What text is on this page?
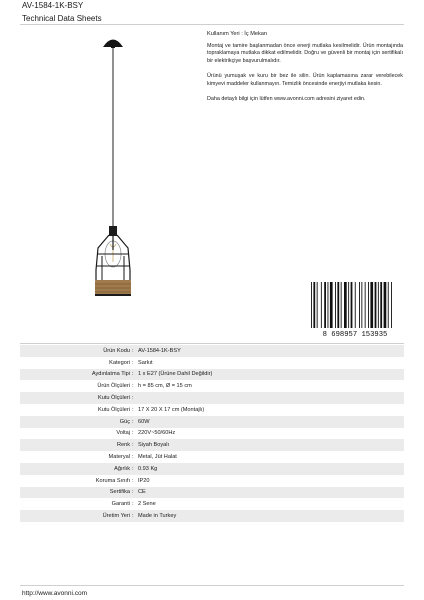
AV-1584-1K-BSY
Technical Data Sheets
Kullanım Yeri : İç Mekan

Montaj ve tamire başlanmadan önce enerji mutlaka kesilmelidir. Ürün montajında topraklamaya mutlaka dikkat edilmelidir. Doğru ve güvenli bir montaj için sertifikalı bir elektrikçiye başvurulmalıdır.

Ürünü yumuşak ve kuru bir bez ile silin. Ürün kaplamasına zarar verebilecek kimyevi maddeler kullanmayın. Temizlik öncesinde enerjiyi mutlaka kesin.

Daha detaylı bilgi için lütfen www.avonni.com adresini ziyaret edin.

8 698957 153935
Ürün Kodu : AV-1584-1K-BSY
Kategori : Sarkıt
Aydınlatma Tipi : 1 x E27 (Ürüne Dahil Değildir)
Ürün Ölçüleri : h = 85 cm, Ø = 15 cm
Kutu Ölçüleri :
Kutu Ölçüleri : 17 X 20 X 17 cm (Montajlı)
Güç : 60W
Voltaj : 220V~50/60Hz
Renk : Siyah Boyalı
Materyal : Metal, Jüt Halat
Ağırlık : 0.93 Kg
Koruma Sınıfı : IP20
Sertifika : CE
Garanti : 2 Sene
Üretim Yeri : Made in Turkey
http://www.avonni.com
